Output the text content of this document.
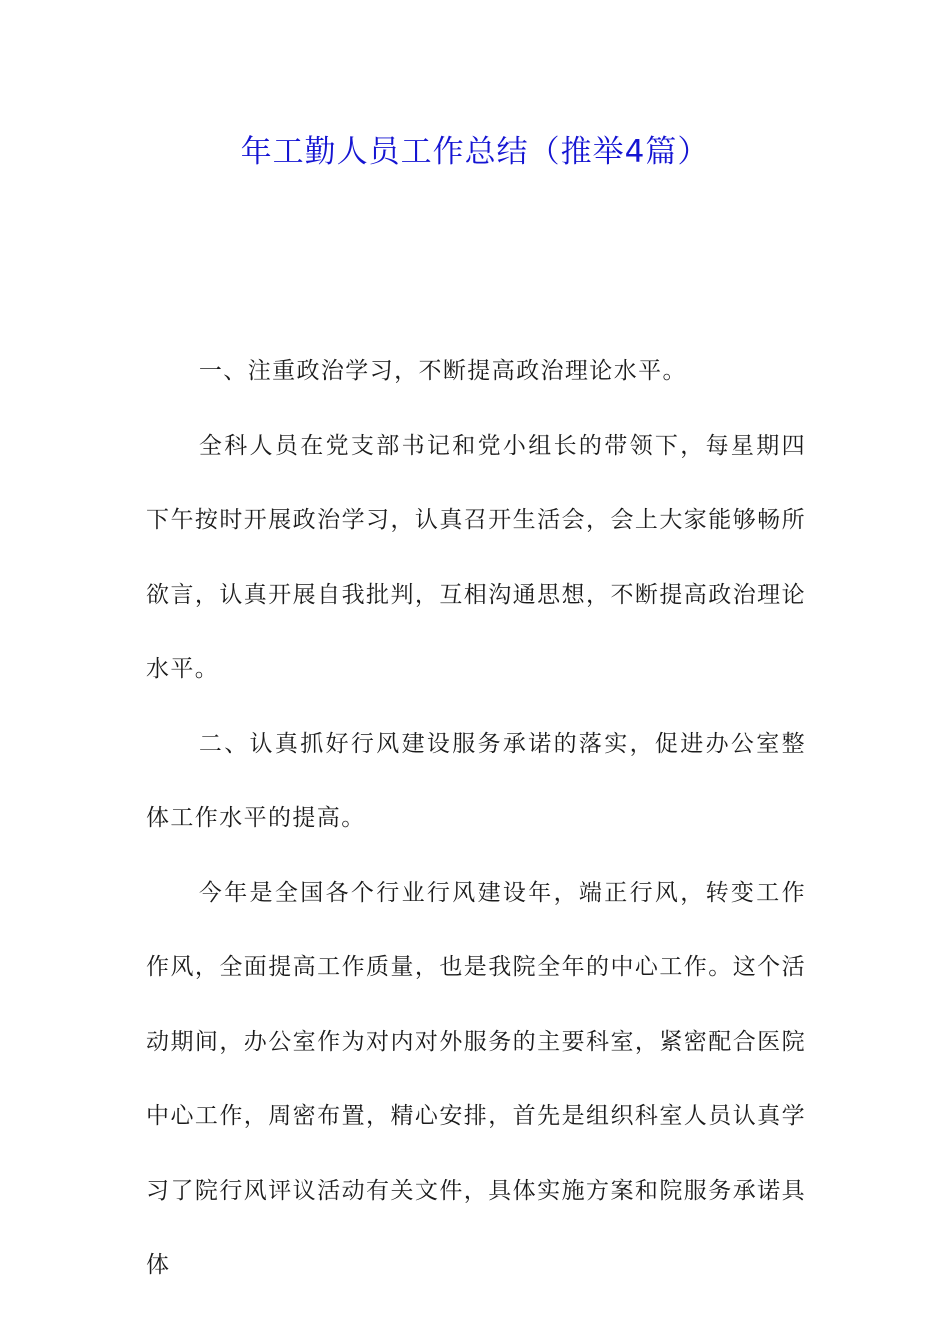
年工勤人员工作总结（推举4篇）

一、注重政治学习，不断提高政治理论水平。

全科人员在党支部书记和党小组长的带领下，每星期四下午按时开展政治学习，认真召开生活会，会上大家能够畅所欲言，认真开展自我批判，互相沟通思想，不断提高政治理论水平。

二、认真抓好行风建设服务承诺的落实，促进办公室整体工作水平的提高。

今年是全国各个行业行风建设年，端正行风，转变工作作风，全面提高工作质量，也是我院全年的中心工作。这个活动期间，办公室作为对内对外服务的主要科室，紧密配合医院中心工作，周密布置，精心安排，首先是组织科室人员认真学习了院行风评议活动有关文件，具体实施方案和院服务承诺具体
